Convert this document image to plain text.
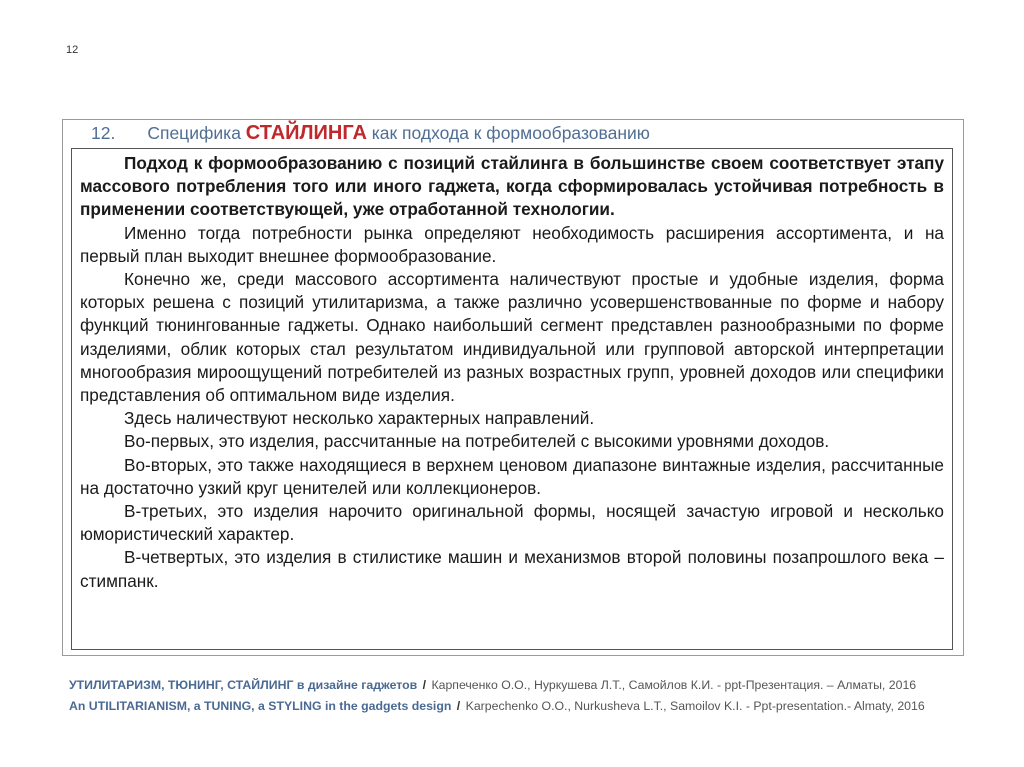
12
12. Специфика СТАЙЛИНГА как подхода к формообразованию

Подход к формообразованию с позиций стайлинга в большинстве своем соответствует этапу массового потребления того или иного гаджета, когда сформировалась устойчивая потребность в применении соответствующей, уже отработанной технологии.

Именно тогда потребности рынка определяют необходимость расширения ассортимента, и на первый план выходит внешнее формообразование.

Конечно же, среди массового ассортимента наличествуют простые и удобные изделия, форма которых решена с позиций утилитаризма, а также различно усовершенствованные по форме и набору функций тюнингованные гаджеты. Однако наибольший сегмент представлен разнообразными по форме изделиями, облик которых стал результатом индивидуальной или групповой авторской интерпретации многообразия мироощущений потребителей из разных возрастных групп, уровней доходов или специфики представления об оптимальном виде изделия.

Здесь наличествуют несколько характерных направлений.

Во-первых, это изделия, рассчитанные на потребителей с высокими уровнями доходов.

Во-вторых, это также находящиеся в верхнем ценовом диапазоне винтажные изделия, рассчитанные на достаточно узкий круг ценителей или коллекционеров.

В-третьих, это изделия нарочито оригинальной формы, носящей зачастую игровой и несколько юмористический характер.

В-четвертых, это изделия в стилистике машин и механизмов второй половины позапрошлого века – стимпанк.

УТИЛИТАРИЗМ, ТЮНИНГ, СТАЙЛИНГ в дизайне гаджетов / Карпеченко О.О., Нуркушева Л.Т., Самойлов К.И. - ppt-Презентация. – Алматы, 2016
An UTILITARIANISM, a TUNING, a STYLING in the gadgets design / Karpechenko O.O., Nurkusheva L.T., Samoilov K.I. - Ppt-presentation.- Almaty, 2016
